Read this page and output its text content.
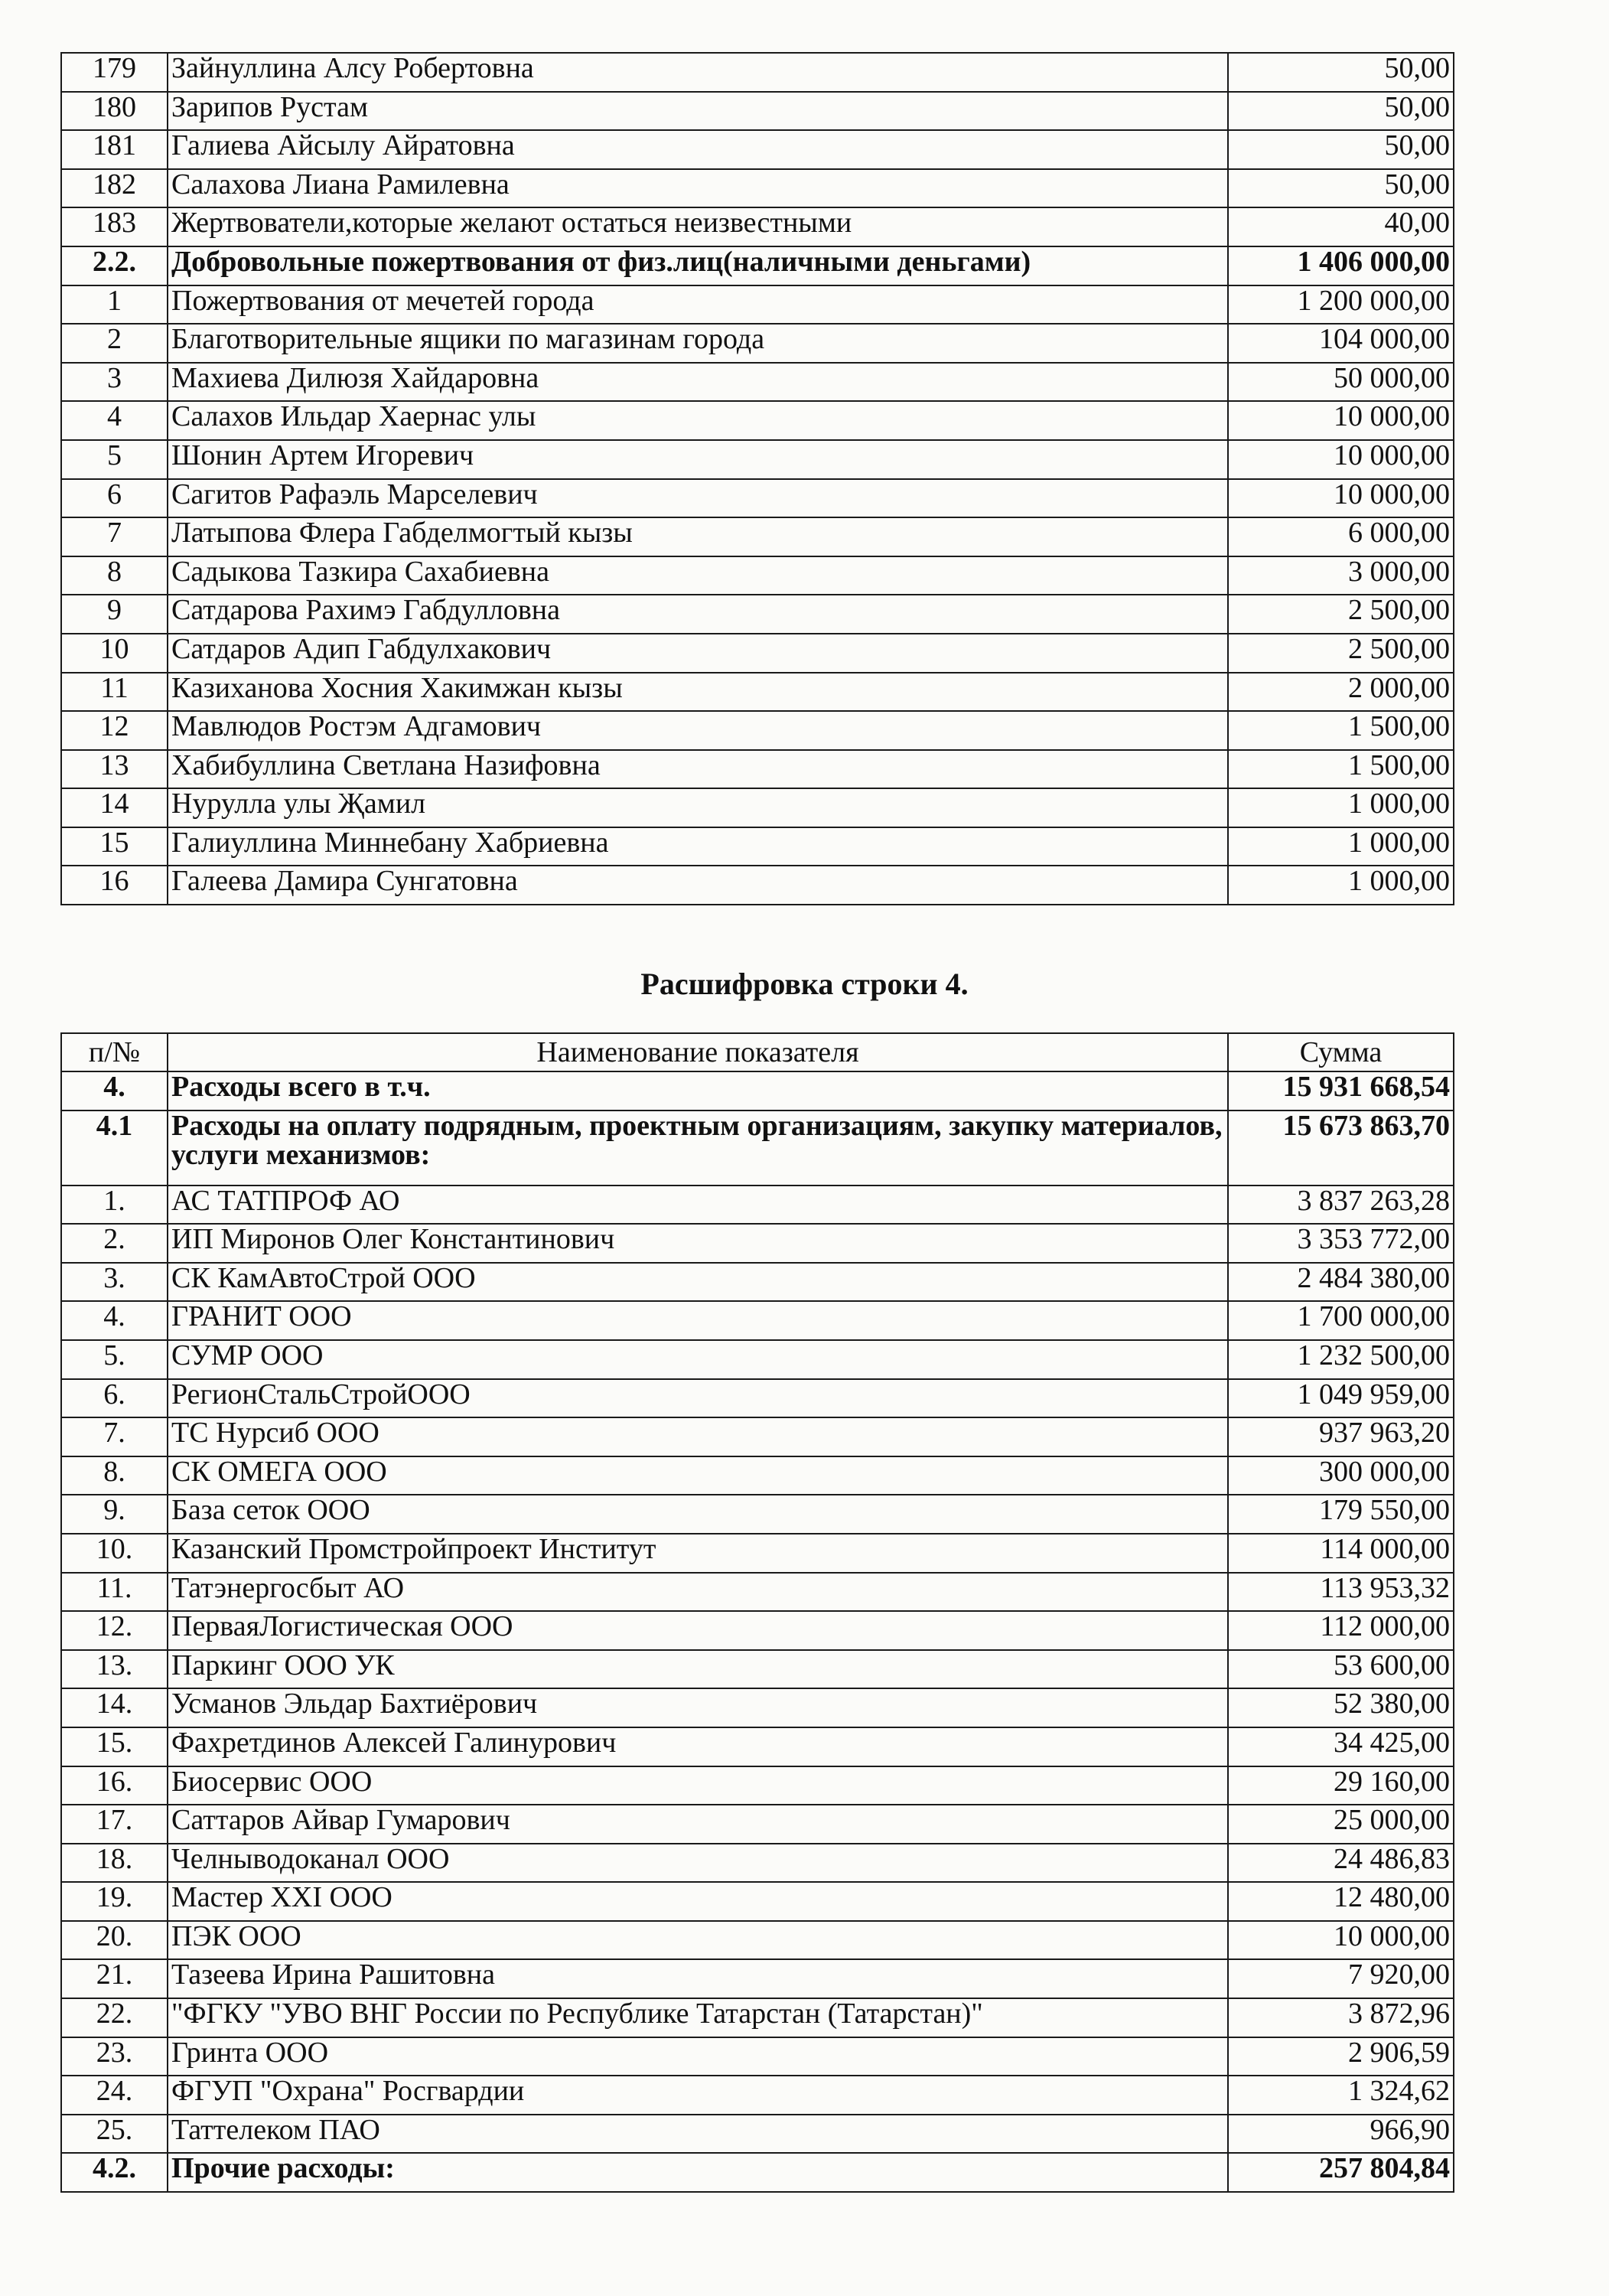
179	Зайнуллина Алсу Робертовна	50,00
180	Зарипов Рустам	50,00
181	Галиева Айсылу Айратовна	50,00
182	Салахова Лиана Рамилевна	50,00
183	Жертвователи,которые желают остаться неизвестными	40,00
2.2.	Добровольные пожертвования от физ.лиц(наличными деньгами)	1 406 000,00
1	Пожертвования от мечетей города	1 200 000,00
2	Благотворительные ящики по магазинам города	104 000,00
3	Махиева Дилюзя Хайдаровна	50 000,00
4	Салахов Ильдар Хаернас улы	10 000,00
5	Шонин Артем Игоревич	10 000,00
6	Сагитов Рафаэль Марселевич	10 000,00
7	Латыпова Флера Габделмогтый кызы	6 000,00
8	Садыкова Тазкира Сахабиевна	3 000,00
9	Сатдарова Рахимэ Габдулловна	2 500,00
10	Сатдаров Адип Габдулхакович	2 500,00
11	Казиханова Хосния Хакимжан кызы	2 000,00
12	Мавлюдов Ростэм Адгамович	1 500,00
13	Хабибуллина Светлана Назифовна	1 500,00
14	Нурулла улы Җамил	1 000,00
15	Галиуллина Миннебану Хабриевна	1 000,00
16	Галеева Дамира Сунгатовна	1 000,00
Расшифровка строки 4.
п/№	Наименование показателя	Сумма
4.	Расходы всего в т.ч.	15 931 668,54
4.1	Расходы на оплату подрядным, проектным организациям, закупку материалов, услуги механизмов:	15 673 863,70
1.	АС ТАТПРОФ АО	3 837 263,28
2.	ИП Миронов Олег Константинович	3 353 772,00
3.	СК КамАвтоСтрой ООО	2 484 380,00
4.	ГРАНИТ ООО	1 700 000,00
5.	СУМР ООО	1 232 500,00
6.	РегионСтальСтройООО	1 049 959,00
7.	ТС Нурсиб ООО	937 963,20
8.	СК ОМЕГА ООО	300 000,00
9.	База сеток ООО	179 550,00
10.	Казанский Промстройпроект Институт	114 000,00
11.	Татэнергосбыт АО	113 953,32
12.	ПерваяЛогистическая ООО	112 000,00
13.	Паркинг ООО УК	53 600,00
14.	Усманов Эльдар Бахтиёрович	52 380,00
15.	Фахретдинов Алексей Галинурович	34 425,00
16.	Биосервис ООО	29 160,00
17.	Саттаров Айвар Гумарович	25 000,00
18.	Челныводоканал ООО	24 486,83
19.	Мастер XXI ООО	12 480,00
20.	ПЭК ООО	10 000,00
21.	Тазеева Ирина Рашитовна	7 920,00
22.	"ФГКУ "УВО ВНГ России по Республике Татарстан (Татарстан)"	3 872,96
23.	Гринта ООО	2 906,59
24.	ФГУП "Охрана" Росгвардии	1 324,62
25.	Таттелеком ПАО	966,90
4.2.	Прочие расходы:	257 804,84
